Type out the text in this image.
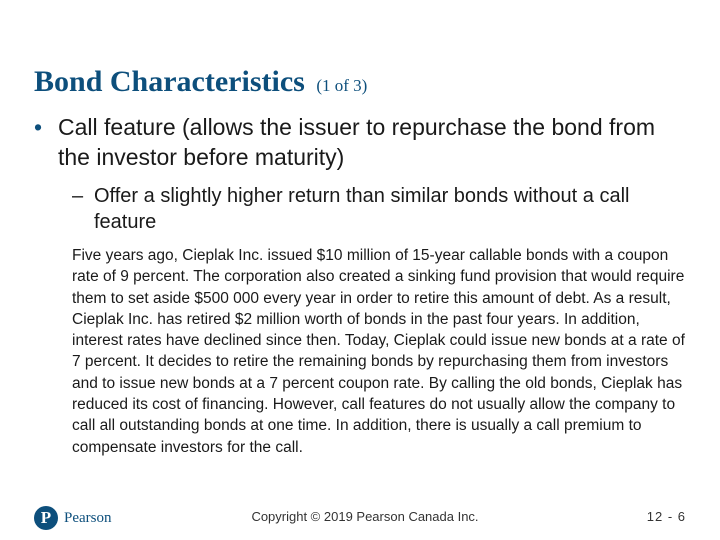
Bond Characteristics (1 of 3)
• Call feature (allows the issuer to repurchase the bond from the investor before maturity)
– Offer a slightly higher return than similar bonds without a call feature
Five years ago, Cieplak Inc. issued $10 million of 15-year callable bonds with a coupon rate of 9 percent. The corporation also created a sinking fund provision that would require them to set aside $500 000 every year in order to retire this amount of debt. As a result, Cieplak Inc. has retired $2 million worth of bonds in the past four years. In addition, interest rates have declined since then. Today, Cieplak could issue new bonds at a rate of 7 percent. It decides to retire the remaining bonds by repurchasing them from investors and to issue new bonds at a 7 percent coupon rate. By calling the old bonds, Cieplak has reduced its cost of financing. However, call features do not usually allow the company to call all outstanding bonds at one time. In addition, there is usually a call premium to compensate investors for the call.
P Pearson	Copyright © 2019 Pearson Canada Inc.	12 - 6
